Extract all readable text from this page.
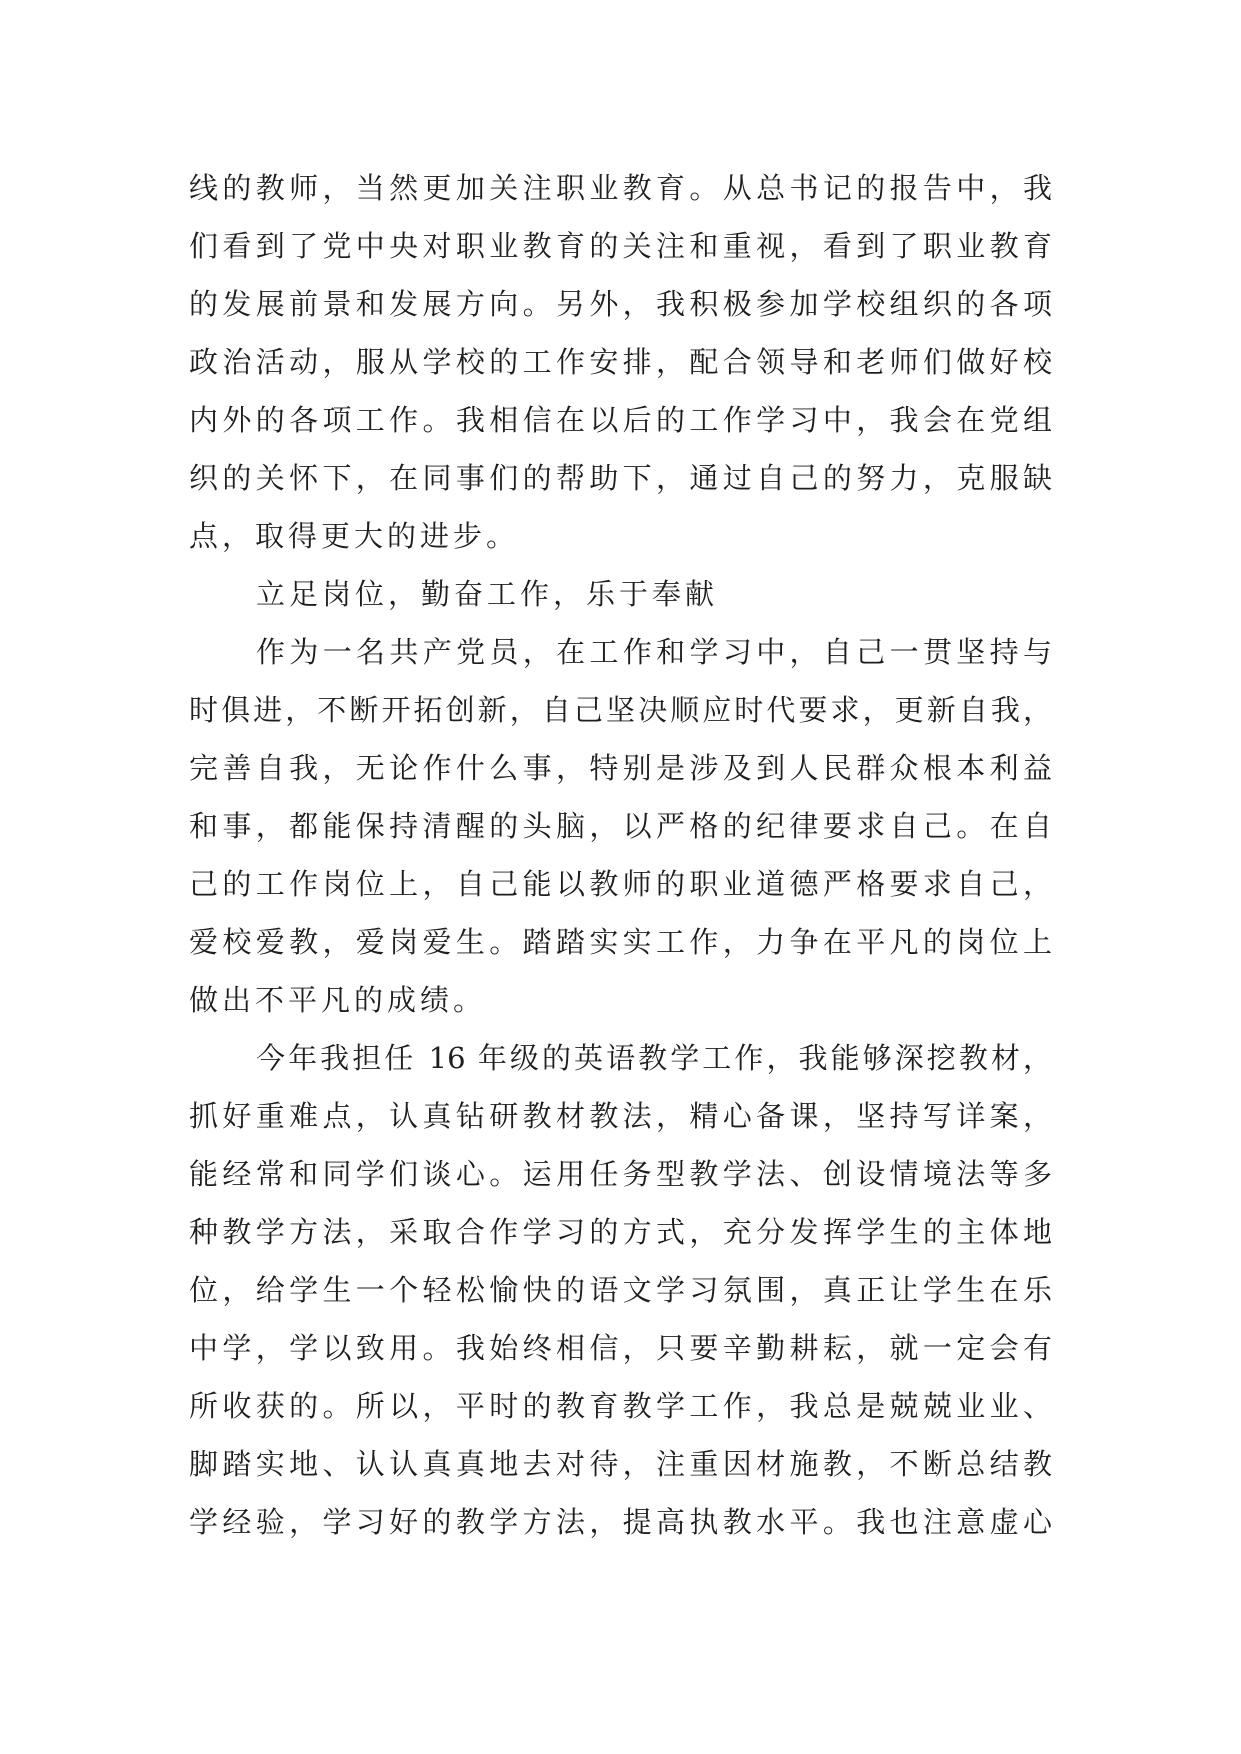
线的教师，当然更加关注职业教育。从总书记的报告中，我
们看到了党中央对职业教育的关注和重视，看到了职业教育
的发展前景和发展方向。另外，我积极参加学校组织的各项
政治活动，服从学校的工作安排，配合领导和老师们做好校
内外的各项工作。我相信在以后的工作学习中，我会在党组
织的关怀下，在同事们的帮助下，通过自己的努力，克服缺
点，取得更大的进步。
立足岗位，勤奋工作，乐于奉献
作为一名共产党员，在工作和学习中，自己一贯坚持与
时俱进，不断开拓创新，自己坚决顺应时代要求，更新自我，
完善自我，无论作什么事，特别是涉及到人民群众根本利益
和事，都能保持清醒的头脑，以严格的纪律要求自己。在自
己的工作岗位上，自己能以教师的职业道德严格要求自己，
爱校爱教，爱岗爱生。踏踏实实工作，力争在平凡的岗位上
做出不平凡的成绩。
今年我担任 16 年级的英语教学工作，我能够深挖教材，
抓好重难点，认真钻研教材教法，精心备课，坚持写详案，
能经常和同学们谈心。运用任务型教学法、创设情境法等多
种教学方法，采取合作学习的方式，充分发挥学生的主体地
位，给学生一个轻松愉快的语文学习氛围，真正让学生在乐
中学，学以致用。我始终相信，只要辛勤耕耘，就一定会有
所收获的。所以，平时的教育教学工作，我总是兢兢业业、
脚踏实地、认认真真地去对待，注重因材施教，不断总结教
学经验，学习好的教学方法，提高执教水平。我也注意虚心
